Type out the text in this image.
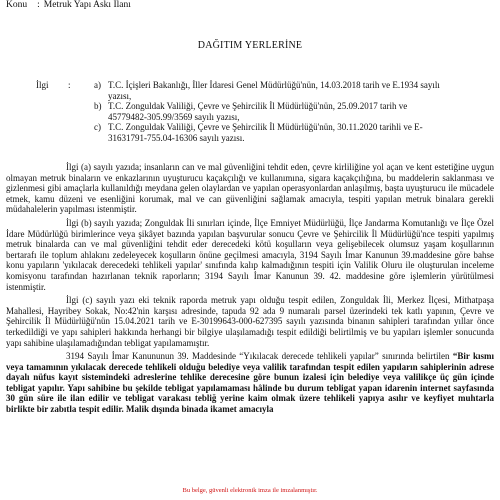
Konu : Metruk Yapı Askı İlanı
DAĞITIM YERLERİNE
İlgi :	a) T.C. İçişleri Bakanlığı, İller İdaresi Genel Müdürlüğü'nün, 14.03.2018 tarih ve E.1934 sayılı
yazısı,
b) T.C. Zonguldak Valiliği, Çevre ve Şehircilik İl Müdürlüğü'nün, 25.09.2017 tarih ve
45779482-305.99/3569 sayılı yazısı,
c) T.C. Zonguldak Valiliği, Çevre ve Şehircilik İl Müdürlüğü'nün, 30.11.2020 tarihli ve E-
31631791-755.04-16306 sayılı yazısı.

İlgi (a) sayılı yazıda; insanların can ve mal güvenliğini tehdit eden, çevre kirliliğine yol açan ve kent estetiğine uygun olmayan metruk binaların ve enkazlarının uyuşturucu kaçakçılığı ve kullanımına, sigara kaçakçılığına, bu maddelerin saklanması ve gizlenmesi gibi amaçlarla kullanıldığı meydana gelen olaylardan ve yapılan operasyonlardan anlaşılmış, başta uyuşturucu ile mücadele etmek, kamu düzeni ve esenliğini korumak, mal ve can güvenliğini sağlamak amacıyla, tespiti yapılan metruk binalara gerekli müdahalelerin yapılması istenmiştir.

İlgi (b) sayılı yazıda; Zonguldak İli sınırları içinde, İlçe Emniyet Müdürlüğü, İlçe Jandarma Komutanlığı ve İlçe Özel İdare Müdürlüğü birimlerince veya şikâyet bazında yapılan başvurular sonucu Çevre ve Şehircilik İl Müdürlüğü'nce tespiti yapılmış metruk binalarda can ve mal güvenliğini tehdit eder derecedeki kötü koşulların veya gelişebilecek olumsuz yaşam koşullarının bertarafı ile toplum ahlakını zedeleyecek koşulların önüne geçilmesi amacıyla, 3194 Sayılı İmar Kanunun 39.maddesine göre bahse konu yapıların 'yıkılacak derecedeki tehlikeli yapılar' sınıfında kalıp kalmadığının tespiti için Valilik Oluru ile oluşturulan inceleme komisyonu tarafından hazırlanan teknik raporların; 3194 Sayılı İmar Kanunun 39. 42. maddesine göre işlemlerin yürütülmesi istenmiştir.

İlgi (c) sayılı yazı eki teknik raporda metruk yapı olduğu tespit edilen, Zonguldak İli, Merkez İlçesi, Mithatpaşa Mahallesi, Hayribey Sokak, No:42'nin karşısı adresinde, tapuda 92 ada 9 numaralı parsel üzerindeki tek katlı yapının, Çevre ve Şehircilik İl Müdürlüğü'nün 15.04.2021 tarih ve E-30199643-000-627395 sayılı yazısında binanın sahipleri tarafından yıllar önce terkedildiği ve yapı sahipleri hakkında herhangi bir bilgiye ulaşılamadığı tespit edildiği belirtilmiş ve bu yapıları işlemler sonucunda yapı sahibine ulaşılamadığından tebligat yapılamamıştır.

3194 Sayılı İmar Kanununun 39. Maddesinde “Yıkılacak derecede tehlikeli yapılar” sınırında belirtilen “Bir kısmı veya tamamının yıkılacak derecede tehlikeli olduğu belediye veya valilik tarafından tespit edilen yapıların sahiplerinin adrese dayalı nüfus kayıt sistemindeki adreslerine tehlike derecesine göre bunun izalesi için belediye veya valilikçe üç gün içinde tebligat yapılır. Yapı sahibine bu şekilde tebligat yapılamaması hâlinde bu durum tebligat yapan idarenin internet sayfasında 30 gün süre ile ilan edilir ve tebligat varakası tebliğ yerine kaim olmak üzere tehlikeli yapıya asılır ve keyfiyet muhtarla birlikte bir zabıtla tespit edilir. Malik dışında binada ikamet amacıyla

Bu belge, güvenli elektronik imza ile imzalanmıştır.
